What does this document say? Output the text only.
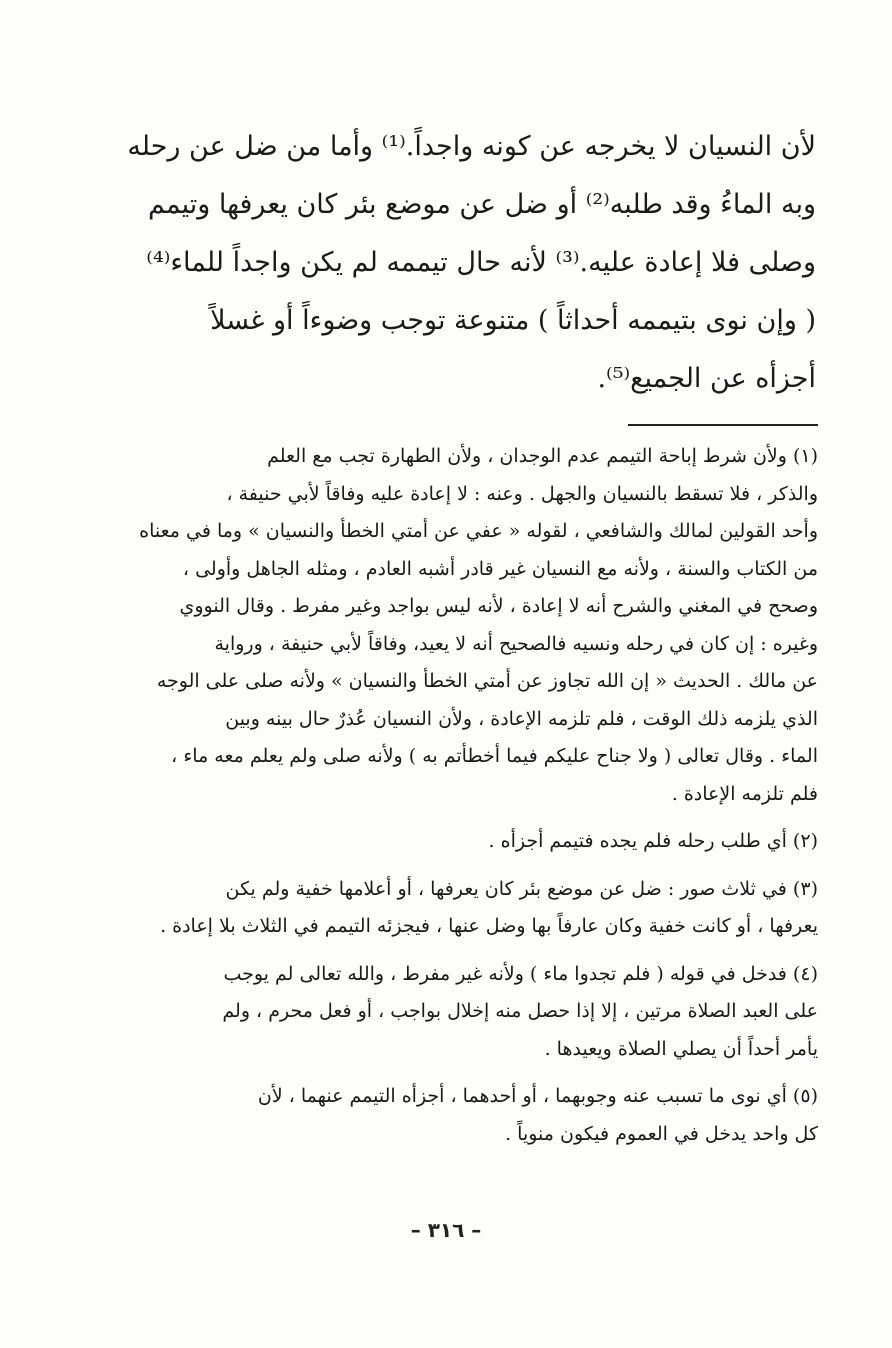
لأن النسيان لا يخرجه عن كونه واجداً.⁽¹⁾ وأما من ضل عن رحله
وبه الماءُ وقد طلبه⁽²⁾ أو ضل عن موضع بئر كان يعرفها وتيمم
وصلى فلا إعادة عليه.⁽³⁾ لأنه حال تيممه لم يكن واجداً للماء⁽⁴⁾
( وإن نوى بتيممه أحداثاً ) متنوعة توجب وضوءاً أو غسلاً
أجزأه عن الجميع⁽⁵⁾.
(١) ولأن شرط إباحة التيمم عدم الوجدان ، ولأن الطهارة تجب مع العلم
والذكر ، فلا تسقط بالنسيان والجهل . وعنه : لا إعادة عليه وفاقاً لأبي حنيفة ،
وأحد القولين لمالك والشافعي ، لقوله « عفي عن أمتي الخطأ والنسيان » وما في معناه
من الكتاب والسنة ، ولأنه مع النسيان غير قادر أشبه العادم ، ومثله الجاهل وأولى ،
وصحح في المغني والشرح أنه لا إعادة ، لأنه ليس بواجد وغير مفرط . وقال النووي
وغيره : إن كان في رحله ونسيه فالصحيح أنه لا يعيد، وفاقاً لأبي حنيفة ، ورواية
عن مالك . الحديث « إن الله تجاوز عن أمتي الخطأ والنسيان » ولأنه صلى على الوجه
الذي يلزمه ذلك الوقت ، فلم تلزمه الإعادة ، ولأن النسيان عُذرٌ حال بينه وبين
الماء . وقال تعالى ( ولا جناح عليكم فيما أخطأتم به ) ولأنه صلى ولم يعلم معه ماء ،
فلم تلزمه الإعادة .
(٢) أي طلب رحله فلم يجده فتيمم أجزأه .
(٣) في ثلاث صور : ضل عن موضع بئر كان يعرفها ، أو أعلامها خفية ولم يكن
يعرفها ، أو كانت خفية وكان عارفاً بها وضل عنها ، فيجزئه التيمم في الثلاث بلا إعادة .
(٤) فدخل في قوله ( فلم تجدوا ماء ) ولأنه غير مفرط ، والله تعالى لم يوجب
على العبد الصلاة مرتين ، إلا إذا حصل منه إخلال بواجب ، أو فعل محرم ، ولم
يأمر أحداً أن يصلي الصلاة ويعيدها .
(٥) أي نوى ما تسبب عنه وجوبهما ، أو أحدهما ، أجزأه التيمم عنهما ، لأن
كل واحد يدخل في العموم فيكون منوياً .
– ٣١٦ –
